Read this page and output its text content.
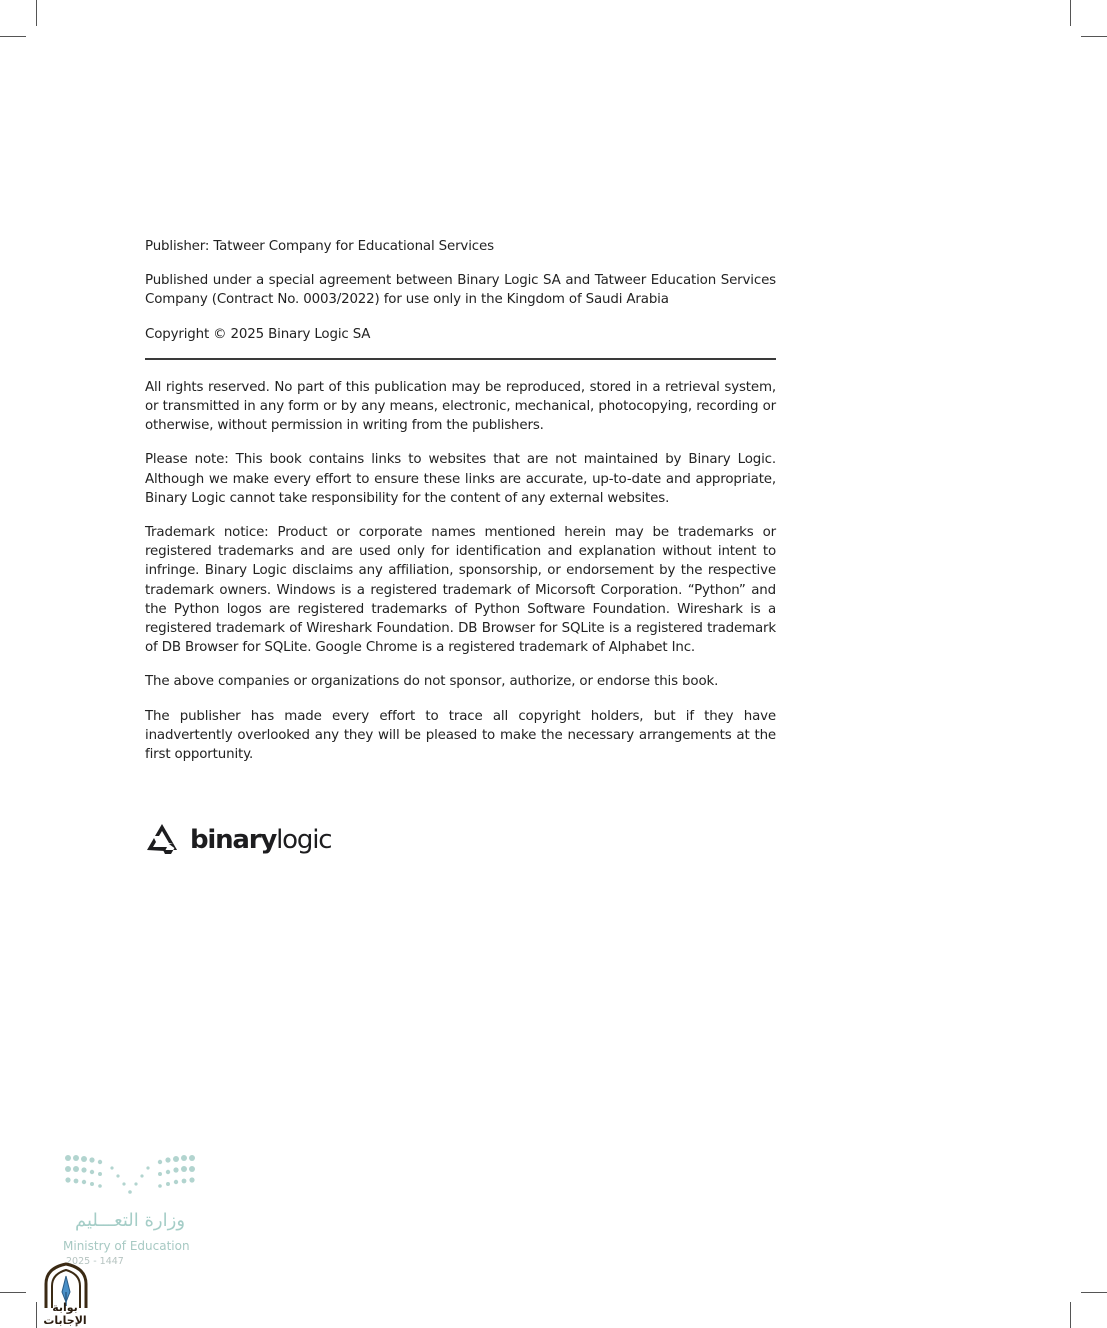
Publisher: Tatweer Company for Educational Services

Published under a special agreement between Binary Logic SA and Tatweer Education Services Company (Contract No. 0003/2022) for use only in the Kingdom of Saudi Arabia

Copyright © 2025 Binary Logic SA

All rights reserved. No part of this publication may be reproduced, stored in a retrieval system, or transmitted in any form or by any means, electronic, mechanical, photocopying, recording or otherwise, without permission in writing from the publishers.

Please note: This book contains links to websites that are not maintained by Binary Logic. Although we make every effort to ensure these links are accurate, up-to-date and appropriate, Binary Logic cannot take responsibility for the content of any external websites.

Trademark notice: Product or corporate names mentioned herein may be trademarks or registered trademarks and are used only for identification and explanation without intent to infringe. Binary Logic disclaims any affiliation, sponsorship, or endorsement by the respective trademark owners. Windows is a registered trademark of Micorsoft Corporation. “Python” and the Python logos are registered trademarks of Python Software Foundation. Wireshark is a registered trademark of Wireshark Foundation. DB Browser for SQLite is a registered trademark of DB Browser for SQLite. Google Chrome is a registered trademark of Alphabet Inc.

The above companies or organizations do not sponsor, authorize, or endorse this book.

The publisher has made every effort to trace all copyright holders, but if they have inadvertently overlooked any they will be pleased to make the necessary arrangements at the first opportunity.

binarylogic
وزارة التعـــليم
Ministry of Education
2025 - 1447
بوابة الإجابات
